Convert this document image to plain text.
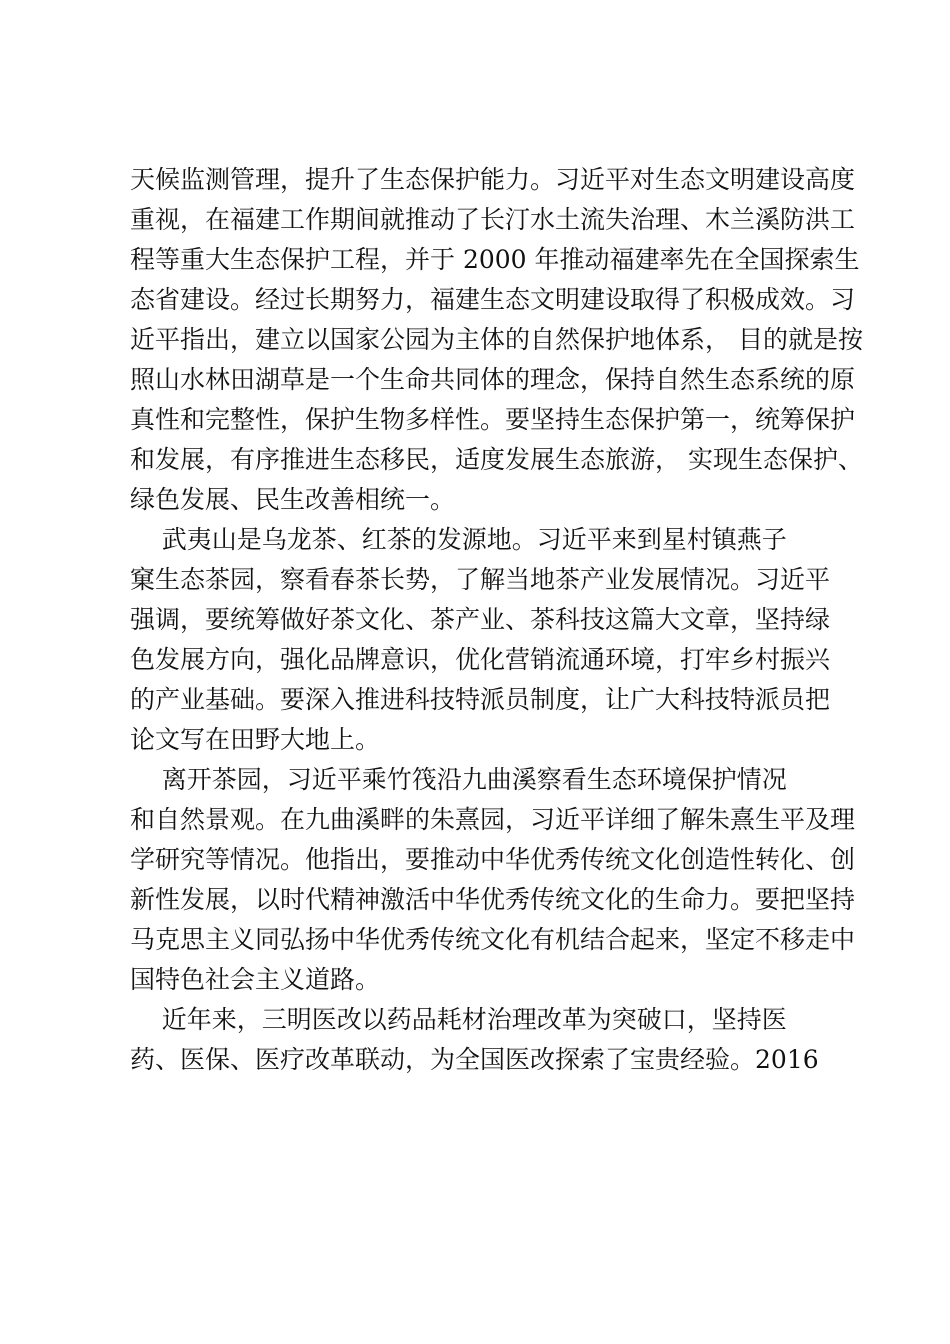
天候监测管理，提升了生态保护能力。习近平对生态文明建设高度
重视，在福建工作期间就推动了长汀水土流失治理、木兰溪防洪工
程等重大生态保护工程，并于 2000 年推动福建率先在全国探索生
态省建设。经过长期努力，福建生态文明建设取得了积极成效。习
近平指出，建立以国家公园为主体的自然保护地体系， 目的就是按
照山水林田湖草是一个生命共同体的理念，保持自然生态系统的原
真性和完整性，保护生物多样性。要坚持生态保护第一，统筹保护
和发展，有序推进生态移民，适度发展生态旅游， 实现生态保护、
绿色发展、民生改善相统一。
武夷山是乌龙茶、红茶的发源地。习近平来到星村镇燕子
窠生态茶园，察看春茶长势，了解当地茶产业发展情况。习近平
强调，要统筹做好茶文化、茶产业、茶科技这篇大文章，坚持绿
色发展方向，强化品牌意识，优化营销流通环境，打牢乡村振兴
的产业基础。要深入推进科技特派员制度，让广大科技特派员把
论文写在田野大地上。
离开茶园，习近平乘竹筏沿九曲溪察看生态环境保护情况
和自然景观。在九曲溪畔的朱熹园，习近平详细了解朱熹生平及理
学研究等情况。他指出，要推动中华优秀传统文化创造性转化、创
新性发展，以时代精神激活中华优秀传统文化的生命力。要把坚持
马克思主义同弘扬中华优秀传统文化有机结合起来，坚定不移走中
国特色社会主义道路。
近年来，三明医改以药品耗材治理改革为突破口，坚持医
药、医保、医疗改革联动，为全国医改探索了宝贵经验。2016
